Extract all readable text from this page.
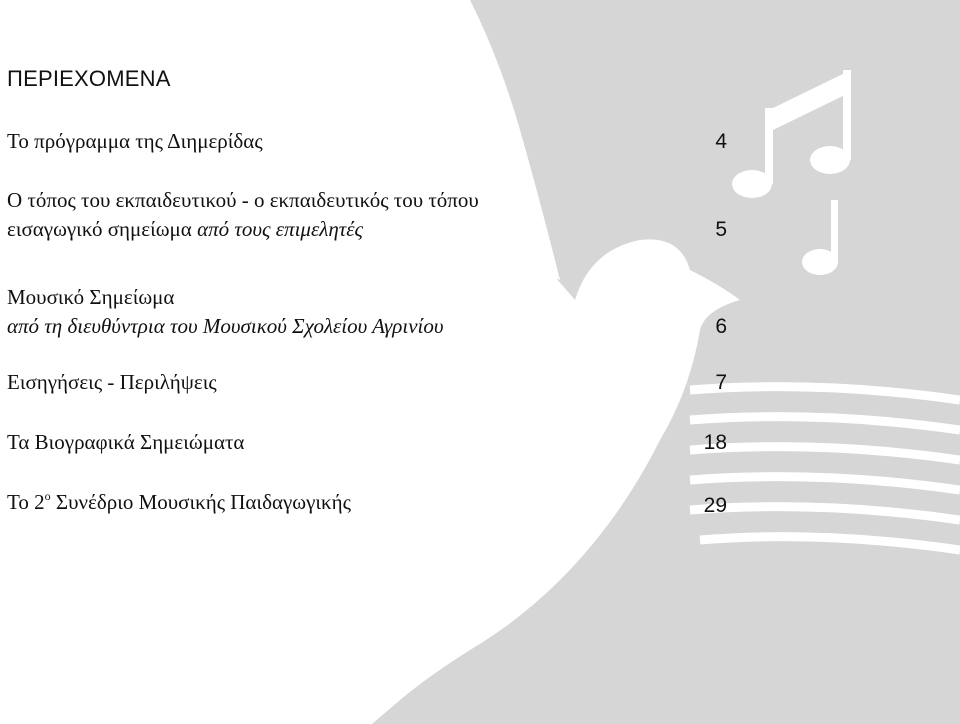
ΠΕΡΙΕΧΟΜΕΝΑ
Το πρόγραμμα της Διημερίδας	4
Ο τόπος του εκπαιδευτικού - ο εκπαιδευτικός του τόπου
εισαγωγικό σημείωμα από τους επιμελητές	5
Μουσικό Σημείωμα
από τη διευθύντρια του Μουσικού Σχολείου Αγρινίου	6
Εισηγήσεις - Περιλήψεις	7
Τα Βιογραφικά Σημειώματα	18
Το $2^o$ Συνέδριο Μουσικής Παιδαγωγικής	29
